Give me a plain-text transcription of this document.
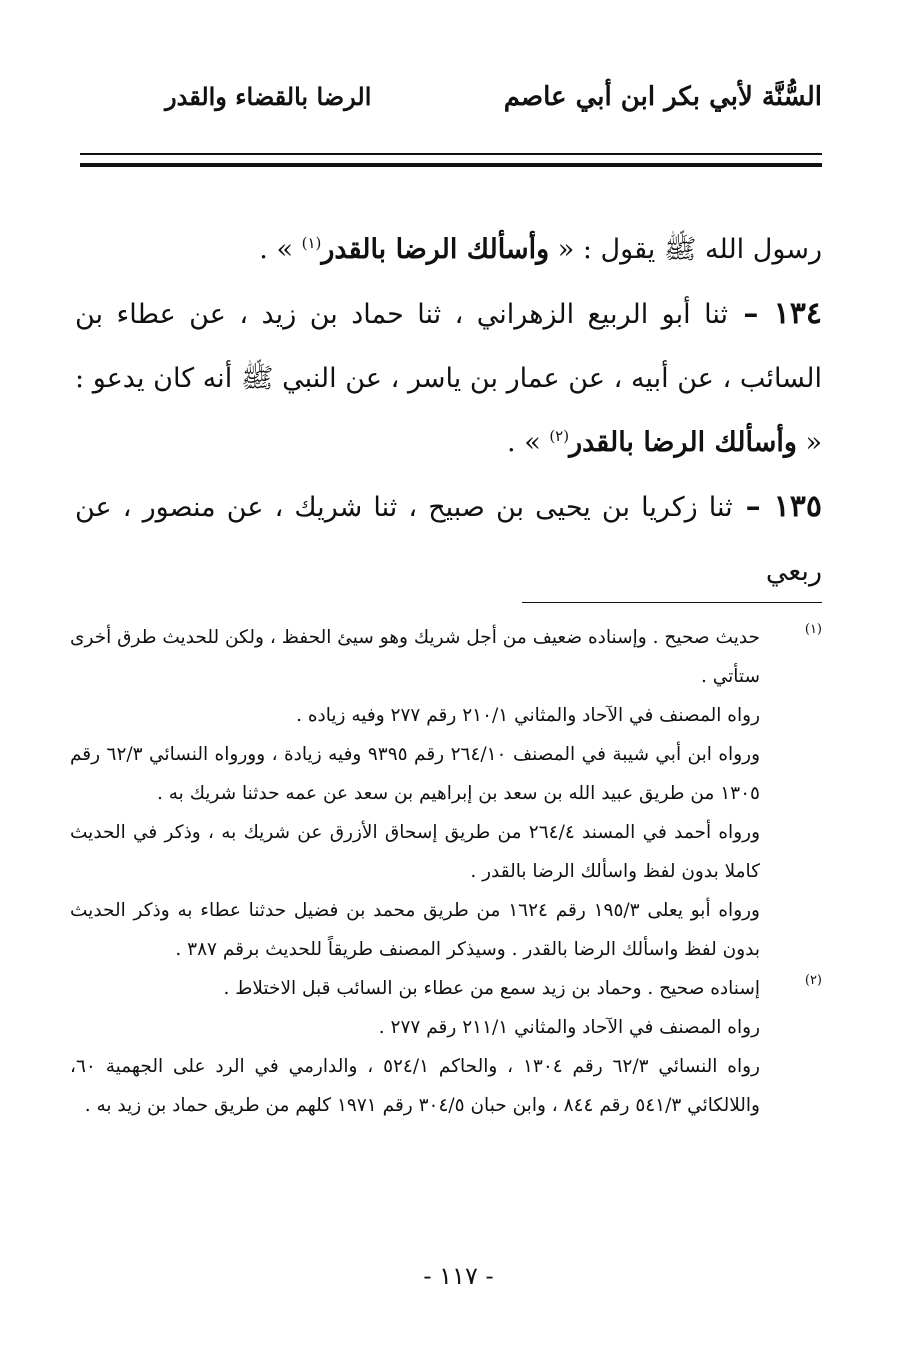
السُّنَّة لأبي بكر ابن أبي عاصم
الرضا بالقضاء والقدر

رسول الله ﷺ يقول : « وأسألك الرضا بالقدر$^{(١)}$ » .

١٣٤ – ثنا أبو الربيع الزهراني ، ثنا حماد بن زيد ، عن عطاء بن السائب ، عن أبيه ، عن عمار بن ياسر ، عن النبي ﷺ أنه كان يدعو : « وأسألك الرضا بالقدر$^{(٢)}$ » .

١٣٥ – ثنا زكريا بن يحيى بن صبيح ، ثنا شريك ، عن منصور ، عن ربعي

(١)

حديث صحيح . وإسناده ضعيف من أجل شريك وهو سيئ الحفظ ، ولكن للحديث طرق أخرى ستأتي .

رواه المصنف في الآحاد والمثاني ٢١٠/١ رقم ٢٧٧ وفيه زياده .

ورواه ابن أبي شيبة في المصنف ٢٦٤/١٠ رقم ٩٣٩٥ وفيه زيادة ، وورواه النسائي ٦٢/٣ رقم ١٣٠٥ من طريق عبيد الله بن سعد بن إبراهيم بن سعد عن عمه حدثنا شريك به .

ورواه أحمد في المسند ٢٦٤/٤ من طريق إسحاق الأزرق عن شريك به ، وذكر في الحديث كاملا بدون لفظ واسألك الرضا بالقدر .

ورواه أبو يعلى ١٩٥/٣ رقم ١٦٢٤ من طريق محمد بن فضيل حدثنا عطاء به وذكر الحديث بدون لفظ واسألك الرضا بالقدر . وسيذكر المصنف طريقاً للحديث برقم ٣٨٧ .

(٢)

إسناده صحيح . وحماد بن زيد سمع من عطاء بن السائب قبل الاختلاط .

رواه المصنف في الآحاد والمثاني ٢١١/١ رقم ٢٧٧ .

رواه النسائي ٦٢/٣ رقم ١٣٠٤ ، والحاكم ٥٢٤/١ ، والدارمي في الرد على الجهمية ٦٠، واللالكائي ٥٤١/٣ رقم ٨٤٤ ، وابن حبان ٣٠٤/٥ رقم ١٩٧١ كلهم من طريق حماد بن زيد به .

- ١١٧ -
